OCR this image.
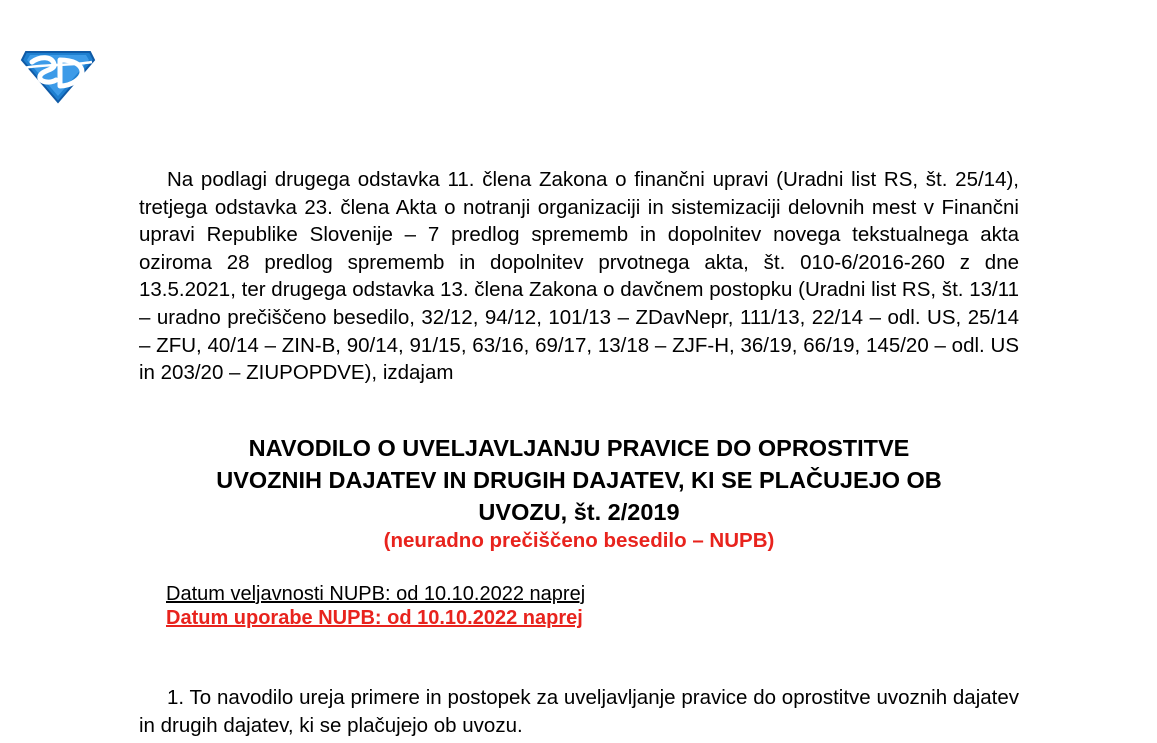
Na podlagi drugega odstavka 11. člena Zakona o finančni upravi (Uradni list RS, št. 25/14), tretjega odstavka 23. člena Akta o notranji organizaciji in sistemizaciji delovnih mest v Finančni upravi Republike Slovenije – 7 predlog sprememb in dopolnitev novega tekstualnega akta oziroma 28 predlog sprememb in dopolnitev prvotnega akta, št. 010-6/2016-260 z dne 13.5.2021, ter drugega odstavka 13. člena Zakona o davčnem postopku (Uradni list RS, št. 13/11 – uradno prečiščeno besedilo, 32/12, 94/12, 101/13 – ZDavNepr, 111/13, 22/14 – odl. US, 25/14 – ZFU, 40/14 – ZIN-B, 90/14, 91/15, 63/16, 69/17, 13/18 – ZJF-H, 36/19, 66/19, 145/20 – odl. US in 203/20 – ZIUPOPDVE), izdajam

NAVODILO O UVELJAVLJANJU PRAVICE DO OPROSTITVE
UVOZNIH DAJATEV IN DRUGIH DAJATEV, KI SE PLAČUJEJO OB
UVOZU, št. 2/2019

(neuradno prečiščeno besedilo – NUPB)

Datum veljavnosti NUPB: od 10.10.2022 naprej

Datum uporabe NUPB: od 10.10.2022 naprej

1. To navodilo ureja primere in postopek za uveljavljanje pravice do oprostitve uvoznih dajatev in drugih dajatev, ki se plačujejo ob uvozu.
